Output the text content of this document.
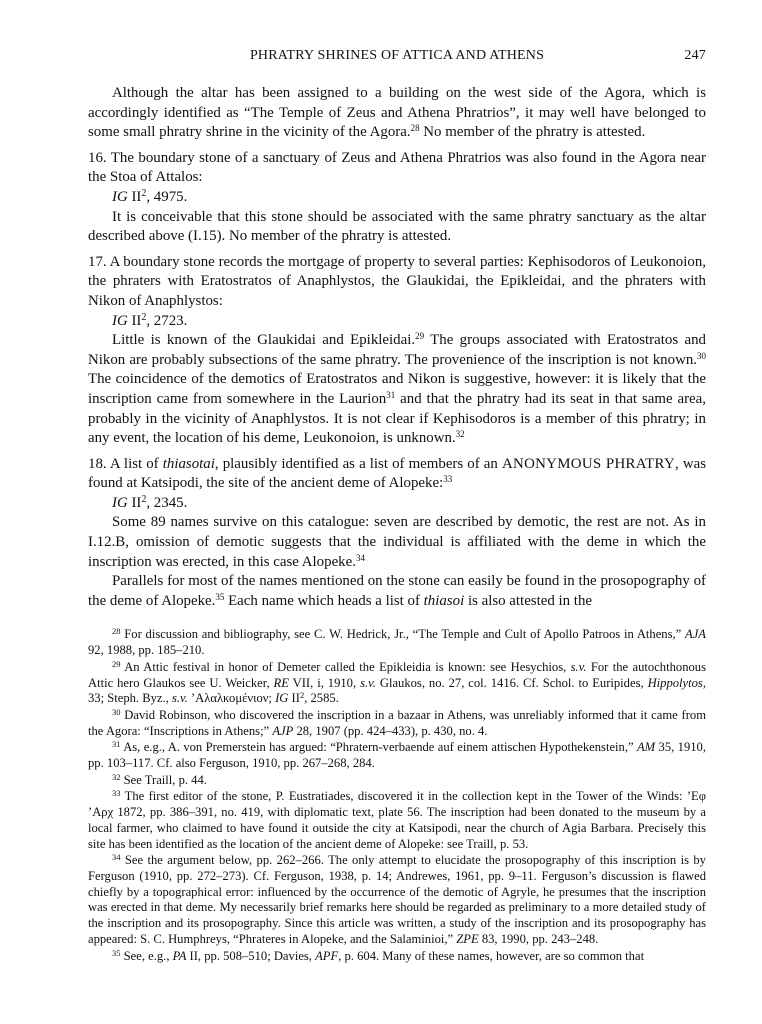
PHRATRY SHRINES OF ATTICA AND ATHENS	247

Although the altar has been assigned to a building on the west side of the Agora, which is accordingly identified as “The Temple of Zeus and Athena Phratrios”, it may well have belonged to some small phratry shrine in the vicinity of the Agora.$^{28}$ No member of the phratry is attested.

16. The boundary stone of a sanctuary of Zeus and Athena Phratrios was also found in the Agora near the Stoa of Attalos:

IG $II^2$, 4975.

It is conceivable that this stone should be associated with the same phratry sanctuary as the altar described above (I.15). No member of the phratry is attested.

17. A boundary stone records the mortgage of property to several parties: Kephisodoros of Leukonoion, the phraters with Eratostratos of Anaphlystos, the Glaukidai, the Epikleidai, and the phraters with Nikon of Anaphlystos:

IG $II^2$, 2723.

Little is known of the Glaukidai and Epikleidai.$^{29}$ The groups associated with Eratostratos and Nikon are probably subsections of the same phratry. The provenience of the inscription is not known.$^{30}$ The coincidence of the demotics of Eratostratos and Nikon is suggestive, however: it is likely that the inscription came from somewhere in the Laurion$^{31}$ and that the phratry had its seat in that same area, probably in the vicinity of Anaphlystos. It is not clear if Kephisodoros is a member of this phratry; in any event, the location of his deme, Leukonoion, is unknown.$^{32}$

18. A list of thiasotai, plausibly identified as a list of members of an ANONYMOUS PHRATRY, was found at Katsipodi, the site of the ancient deme of Alopeke:$^{33}$

IG $II^2$, 2345.

Some 89 names survive on this catalogue: seven are described by demotic, the rest are not. As in I.12.B, omission of demotic suggests that the individual is affiliated with the deme in which the inscription was erected, in this case Alopeke.$^{34}$

Parallels for most of the names mentioned on the stone can easily be found in the prosopography of the deme of Alopeke.$^{35}$ Each name which heads a list of thiasoi is also attested in the

$^{28}$ For discussion and bibliography, see C. W. Hedrick, Jr., “The Temple and Cult of Apollo Patroos in Athens,” AJA 92, 1988, pp. 185–210.

$^{29}$ An Attic festival in honor of Demeter called the Epikleidia is known: see Hesychios, s.v. For the autochthonous Attic hero Glaukos see U. Weicker, RE VII, i, 1910, s.v. Glaukos, no. 27, col. 1416. Cf. Schol. to Euripides, Hippolytos, 33; Steph. Byz., s.v. ’Αλαλκομένιον; IG II$^2$, 2585.

$^{30}$ David Robinson, who discovered the inscription in a bazaar in Athens, was unreliably informed that it came from the Agora: “Inscriptions in Athens;” AJP 28, 1907 (pp. 424–433), p. 430, no. 4.

$^{31}$ As, e.g., A. von Premerstein has argued: “Phratern-verbaende auf einem attischen Hypothekenstein,” AM 35, 1910, pp. 103–117. Cf. also Ferguson, 1910, pp. 267–268, 284.

$^{32}$ See Traill, p. 44.

$^{33}$ The first editor of the stone, P. Eustratiades, discovered it in the collection kept in the Tower of the Winds: ’Εφ ’Αρχ 1872, pp. 386–391, no. 419, with diplomatic text, plate 56. The inscription had been donated to the museum by a local farmer, who claimed to have found it outside the city at Katsipodi, near the church of Agia Barbara. Precisely this site has been identified as the location of the ancient deme of Alopeke: see Traill, p. 53.

$^{34}$ See the argument below, pp. 262–266. The only attempt to elucidate the prosopography of this inscription is by Ferguson (1910, pp. 272–273). Cf. Ferguson, 1938, p. 14; Andrewes, 1961, pp. 9–11. Ferguson’s discussion is flawed chiefly by a topographical error: influenced by the occurrence of the demotic of Agryle, he presumes that the inscription was erected in that deme. My necessarily brief remarks here should be regarded as preliminary to a more detailed study of the inscription and its prosopography. Since this article was written, a study of the inscription and its prosopography has appeared: S. C. Humphreys, “Phrateres in Alopeke, and the Salaminioi,” ZPE 83, 1990, pp. 243–248.

$^{35}$ See, e.g., PA II, pp. 508–510; Davies, APF, p. 604. Many of these names, however, are so common that
